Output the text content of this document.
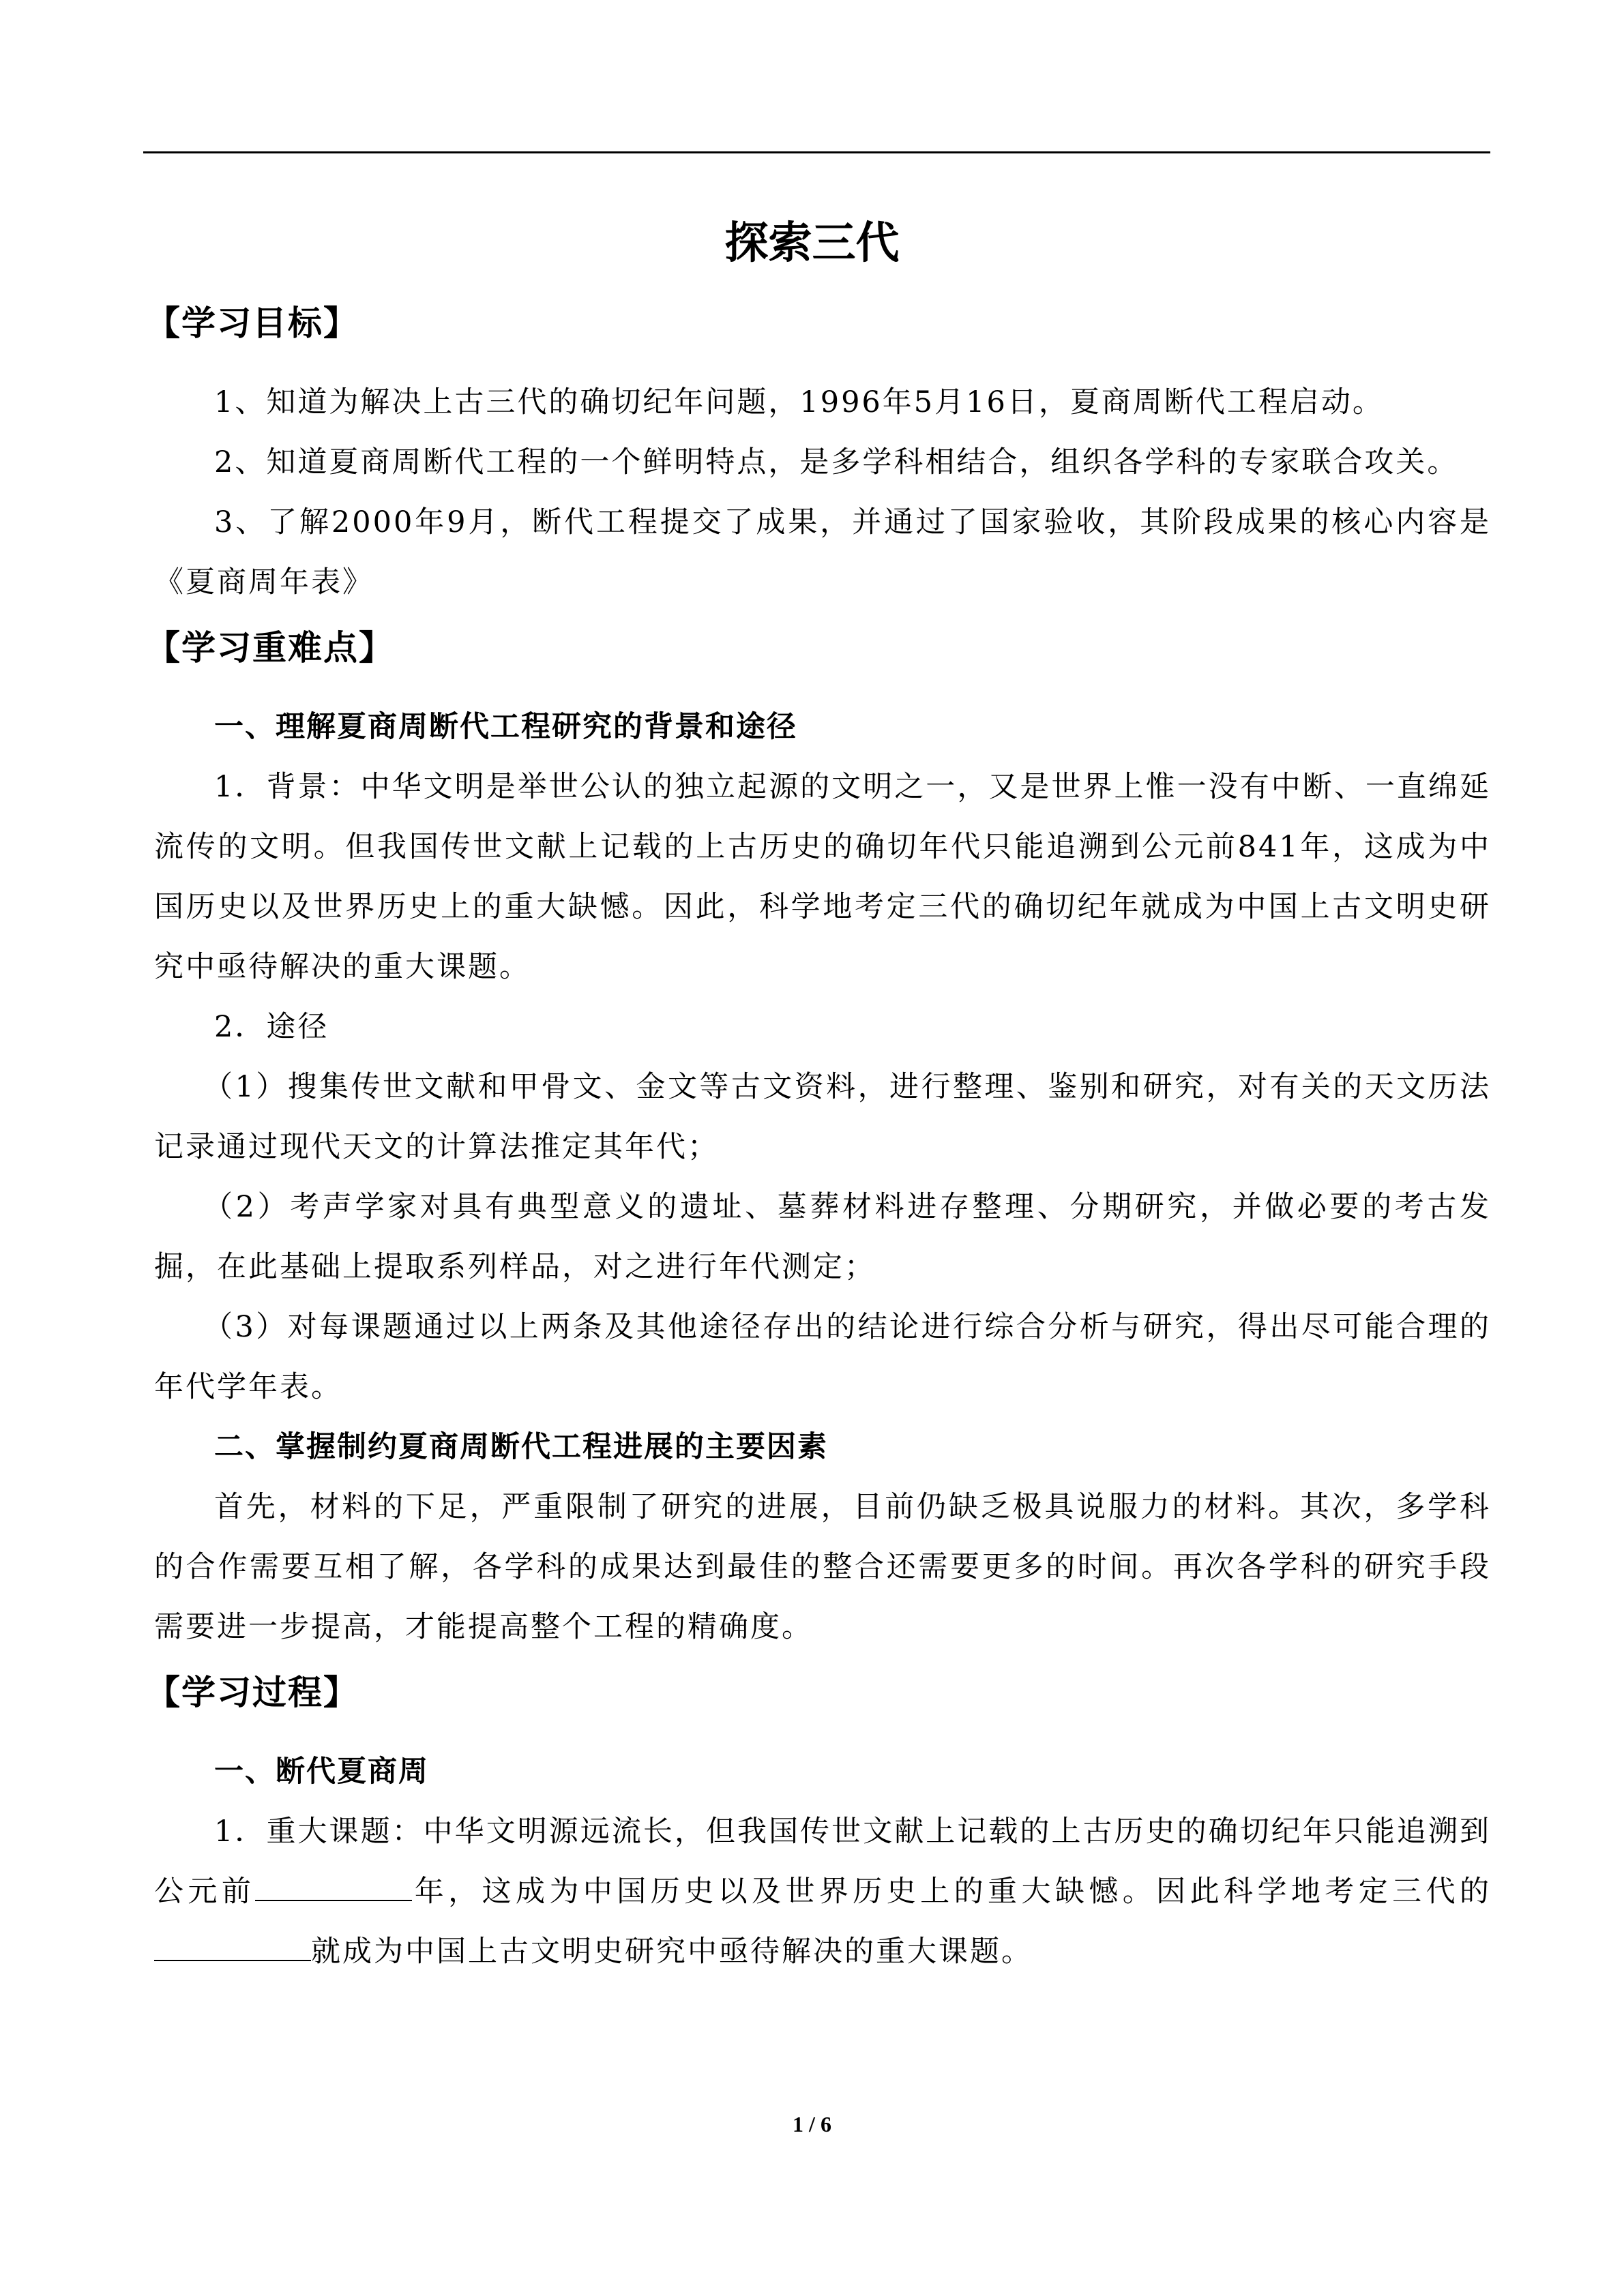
探索三代
【学习目标】

1、知道为解决上古三代的确切纪年问题，1996年5月16日，夏商周断代工程启动。

2、知道夏商周断代工程的一个鲜明特点，是多学科相结合，组织各学科的专家联合攻关。

3、了解2000年9月，断代工程提交了成果，并通过了国家验收，其阶段成果的核心内容是《夏商周年表》

【学习重难点】
一、理解夏商周断代工程研究的背景和途径

1．背景：中华文明是举世公认的独立起源的文明之一，又是世界上惟一没有中断、一直绵延流传的文明。但我国传世文献上记载的上古历史的确切年代只能追溯到公元前841年，这成为中国历史以及世界历史上的重大缺憾。因此，科学地考定三代的确切纪年就成为中国上古文明史研究中亟待解决的重大课题。

2．途径

（1）搜集传世文献和甲骨文、金文等古文资料，进行整理、鉴别和研究，对有关的天文历法记录通过现代天文的计算法推定其年代；

（2）考声学家对具有典型意义的遗址、墓葬材料进存整理、分期研究，并做必要的考古发掘，在此基础上提取系列样品，对之进行年代测定；

（3）对每课题通过以上两条及其他途径存出的结论进行综合分析与研究，得出尽可能合理的年代学年表。

二、掌握制约夏商周断代工程进展的主要因素

首先，材料的下足，严重限制了研究的进展，目前仍缺乏极具说服力的材料。其次，多学科的合作需要互相了解，各学科的成果达到最佳的整合还需要更多的时间。再次各学科的研究手段需要进一步提高，才能提高整个工程的精确度。

【学习过程】
一、断代夏商周

1．重大课题：中华文明源远流长，但我国传世文献上记载的上古历史的确切纪年只能追溯到公元前	年，这成为中国历史以及世界历史上的重大缺憾。因此科学地考定三代的就成为中国上古文明史研究中亟待解决的重大课题。

1 / 6
